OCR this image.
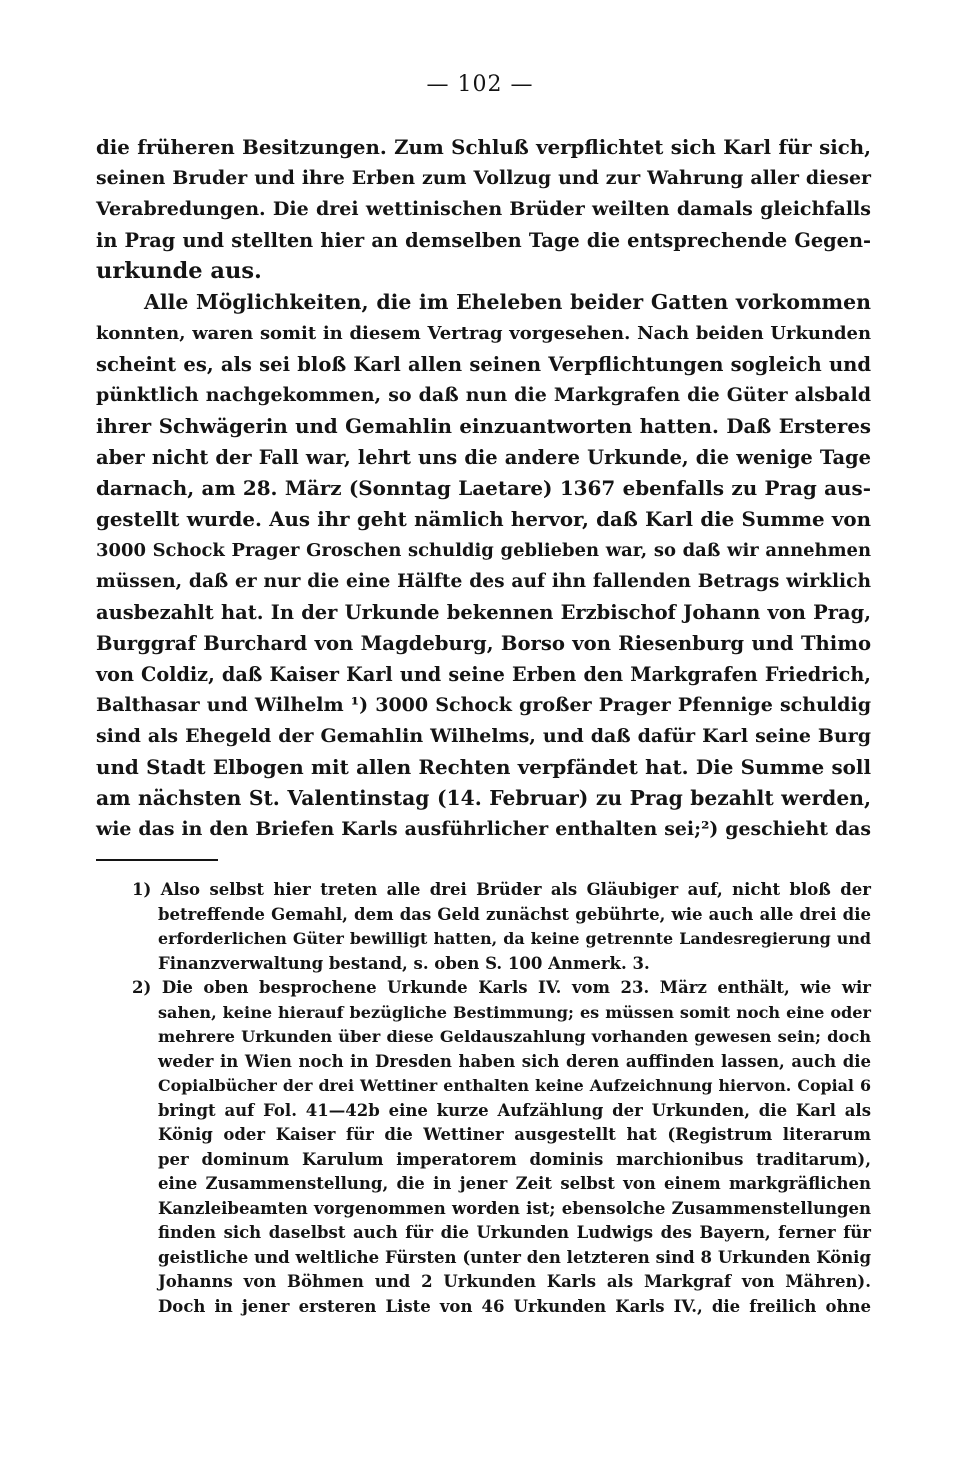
— 102 —
die früheren Besitzungen. Zum Schluß verpflichtet sich Karl für sich,
seinen Bruder und ihre Erben zum Vollzug und zur Wahrung aller dieser
Verabredungen. Die drei wettinischen Brüder weilten damals gleichfalls
in Prag und stellten hier an demselben Tage die entsprechende Gegen-
urkunde aus.
Alle Möglichkeiten, die im Eheleben beider Gatten vorkommen
konnten, waren somit in diesem Vertrag vorgesehen. Nach beiden Urkunden
scheint es, als sei bloß Karl allen seinen Verpflichtungen sogleich und
pünktlich nachgekommen, so daß nun die Markgrafen die Güter alsbald
ihrer Schwägerin und Gemahlin einzuantworten hatten. Daß Ersteres
aber nicht der Fall war, lehrt uns die andere Urkunde, die wenige Tage
darnach, am 28. März (Sonntag Laetare) 1367 ebenfalls zu Prag aus-
gestellt wurde. Aus ihr geht nämlich hervor, daß Karl die Summe von
3000 Schock Prager Groschen schuldig geblieben war, so daß wir annehmen
müssen, daß er nur die eine Hälfte des auf ihn fallenden Betrags wirklich
ausbezahlt hat. In der Urkunde bekennen Erzbischof Johann von Prag,
Burggraf Burchard von Magdeburg, Borso von Riesenburg und Thimo
von Coldiz, daß Kaiser Karl und seine Erben den Markgrafen Friedrich,
Balthasar und Wilhelm ¹) 3000 Schock großer Prager Pfennige schuldig
sind als Ehegeld der Gemahlin Wilhelms, und daß dafür Karl seine Burg
und Stadt Elbogen mit allen Rechten verpfändet hat. Die Summe soll
am nächsten St. Valentinstag (14. Februar) zu Prag bezahlt werden,
wie das in den Briefen Karls ausführlicher enthalten sei;²) geschieht das
1) Also selbst hier treten alle drei Brüder als Gläubiger auf, nicht bloß der
betreffende Gemahl, dem das Geld zunächst gebührte, wie auch alle drei die
erforderlichen Güter bewilligt hatten, da keine getrennte Landesregierung und
Finanzverwaltung bestand, s. oben S. 100 Anmerk. 3.
2) Die oben besprochene Urkunde Karls IV. vom 23. März enthält, wie wir
sahen, keine hierauf bezügliche Bestimmung; es müssen somit noch eine oder
mehrere Urkunden über diese Geldauszahlung vorhanden gewesen sein; doch
weder in Wien noch in Dresden haben sich deren auffinden lassen, auch die
Copialbücher der drei Wettiner enthalten keine Aufzeichnung hiervon. Copial 6
bringt auf Fol. 41—42b eine kurze Aufzählung der Urkunden, die Karl als
König oder Kaiser für die Wettiner ausgestellt hat (Registrum literarum
per dominum Karulum imperatorem dominis marchionibus traditarum),
eine Zusammenstellung, die in jener Zeit selbst von einem markgräflichen
Kanzleibeamten vorgenommen worden ist; ebensolche Zusammenstellungen
finden sich daselbst auch für die Urkunden Ludwigs des Bayern, ferner für
geistliche und weltliche Fürsten (unter den letzteren sind 8 Urkunden König
Johanns von Böhmen und 2 Urkunden Karls als Markgraf von Mähren).
Doch in jener ersteren Liste von 46 Urkunden Karls IV., die freilich ohne
